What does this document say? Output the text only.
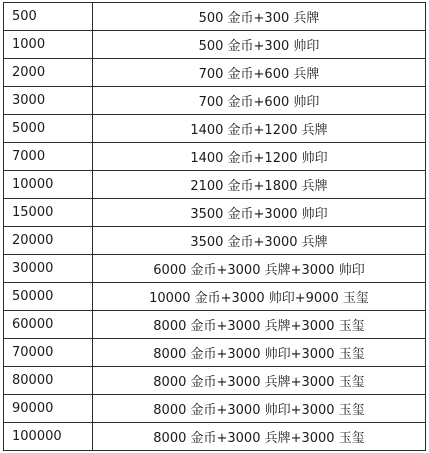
500	500 金币+300 兵牌
1000	500 金币+300 帅印
2000	700 金币+600 兵牌
3000	700 金币+600 帅印
5000	1400 金币+1200 兵牌
7000	1400 金币+1200 帅印
10000	2100 金币+1800 兵牌
15000	3500 金币+3000 帅印
20000	3500 金币+3000 兵牌
30000	6000 金币+3000 兵牌+3000 帅印
50000	10000 金币+3000 帅印+9000 玉玺
60000	8000 金币+3000 兵牌+3000 玉玺
70000	8000 金币+3000 帅印+3000 玉玺
80000	8000 金币+3000 兵牌+3000 玉玺
90000	8000 金币+3000 帅印+3000 玉玺
100000	8000 金币+3000 兵牌+3000 玉玺
